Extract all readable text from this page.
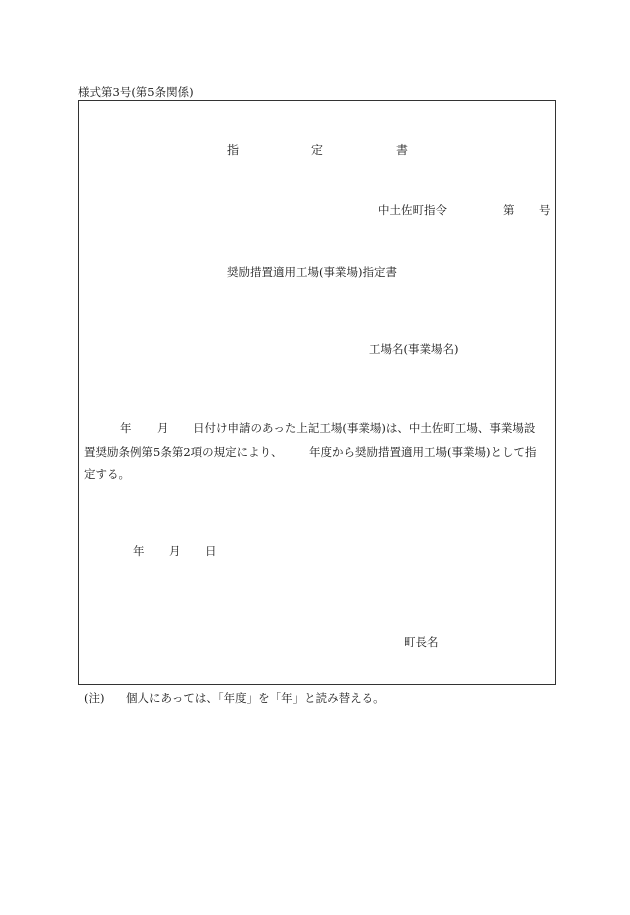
様式第3号(第5条関係)
指	定	書
中土佐町指令	第 号
奨励措置適用工場(事業場)指定書
工場名(事業場名)
年 月 日付け申請のあった上記工場(事業場)は、中土佐町工場、事業場設
置奨励条例第5条第2項の規定により、 年度から奨励措置適用工場(事業場)として指
定する。
年 月 日
町長名
(注) 個人にあっては、「年度」を「年」と読み替える。
